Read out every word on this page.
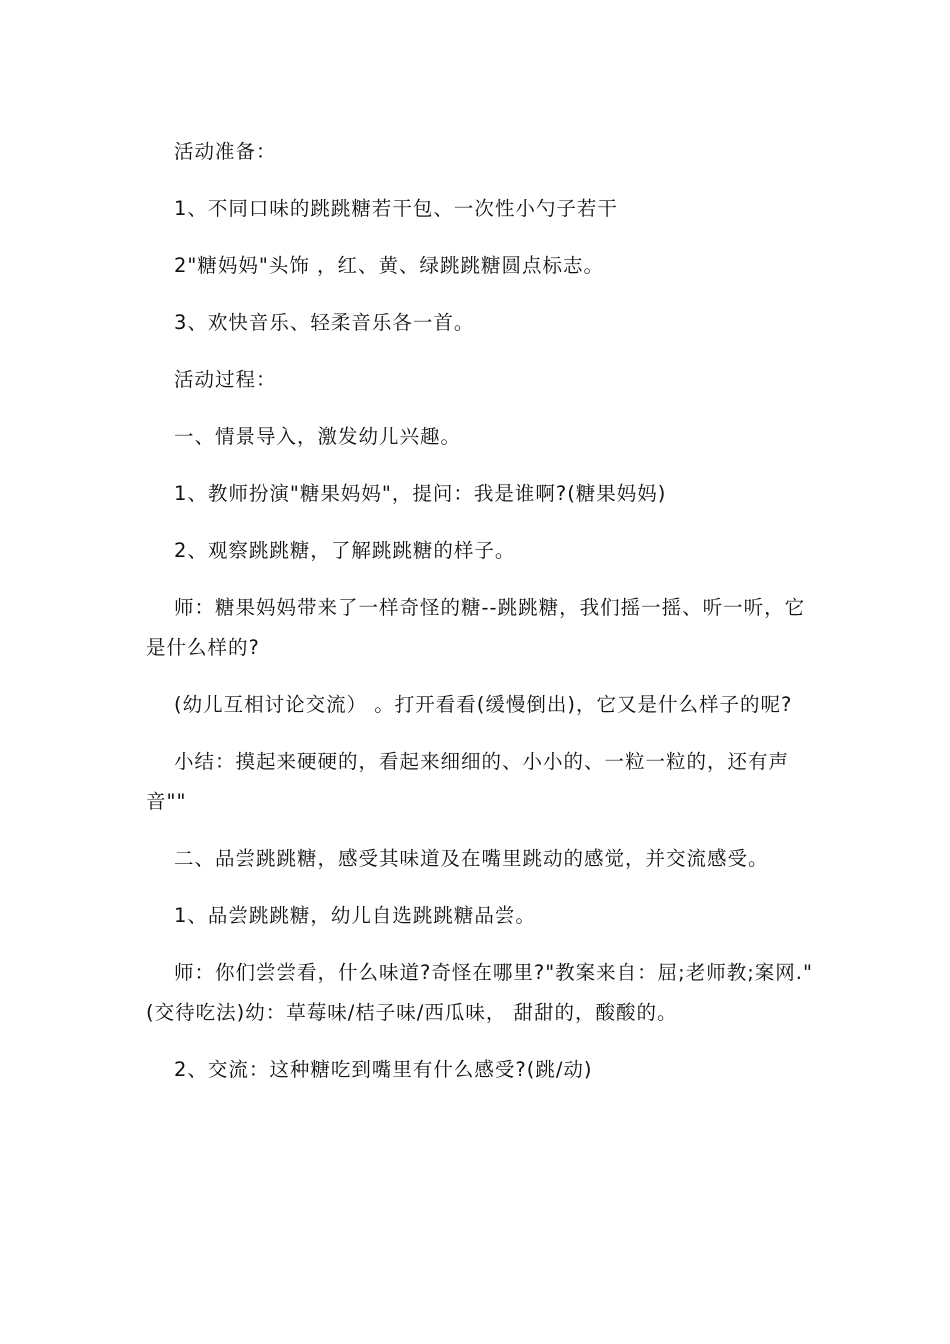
活动准备：

1、不同口味的跳跳糖若干包、一次性小勺子若干

2"糖妈妈"头饰 ，红、黄、绿跳跳糖圆点标志。

3、欢快音乐、轻柔音乐各一首。

活动过程：

一、情景导入，激发幼儿兴趣。

1、教师扮演"糖果妈妈"，提问：我是谁啊?(糖果妈妈)

2、观察跳跳糖，了解跳跳糖的样子。

师：糖果妈妈带来了一样奇怪的糖--跳跳糖，我们摇一摇、听一听，它是什么样的?

(幼儿互相讨论交流） 。打开看看(缓慢倒出)，它又是什么样子的呢?

小结：摸起来硬硬的，看起来细细的、小小的、一粒一粒的，还有声音""

二、品尝跳跳糖，感受其味道及在嘴里跳动的感觉，并交流感受。

1、品尝跳跳糖，幼儿自选跳跳糖品尝。

师：你们尝尝看，什么味道?奇怪在哪里?"教案来自：屈;老师教;案网."(交待吃法)幼：草莓味/桔子味/西瓜味， 甜甜的，酸酸的。

2、交流：这种糖吃到嘴里有什么感受?(跳/动)
